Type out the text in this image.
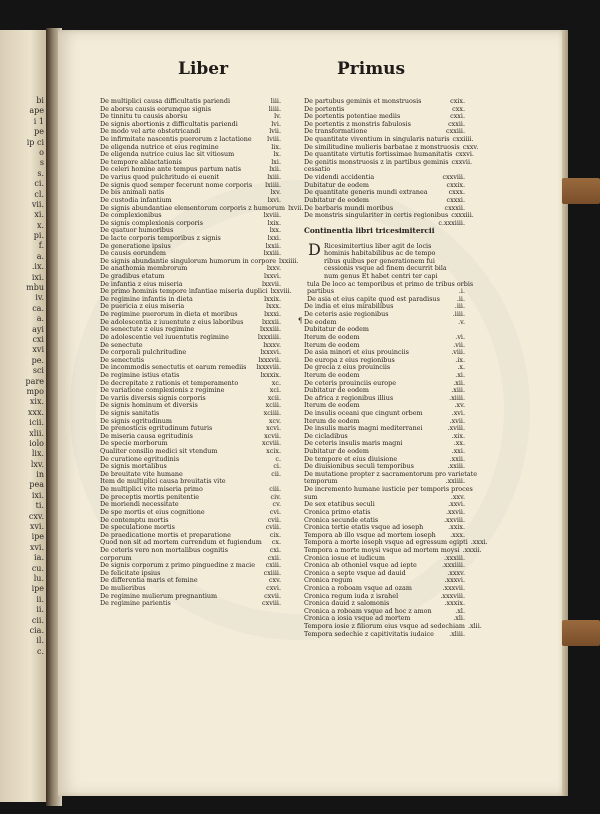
bi
ape
i 1
pe
ip ci
o
s
s.
ci.
cl.
vii.
xi.
x.
pi.
f.
a.
.ix.
ixi.
mbu
iv.
ca.
a.
ayi
cxi
xvi
pe.
sci
pare
mpo
xix.
xxx.
icii.
xlii.
iolo
lix.
lxv.
in
pea
ixi.
ti.
cxv.
xvi.
ipe
xvi.
ia.
cu.
lu.
ipe
ii.
ii.
cii.
cia.
il.
c.
Liber	Primus
De multiplici causa difficultatis pariendi	liii.
De aborsu causis eorumque signis	liiii.
De tinnitu tu causis aborsu	lv.
De signis abortionis z difficultatis pariendi	lvi.
De modo vel arte obstetricandi	lvii.
De infirmitate nascentis puerorum z lactatione	lviii.
De eligenda nutrice et eius regimine	lix.
De eligenda nutrice cuius lac sit vitiosum	lx.
De tempore ablactationis	lxi.
De celeri homine ante tempus partum natis	lxii.
De varius quod pulchritudo ei euenit	lxiii.
De signis quod semper fecerunt nome corporis	lxiiii.
De bis animali natis	lxv.
De custodia infantium	lxvi.
De signis abundantiae elementorum corporis z humorum lxvii.
De complexionibus	lxviii.
De signis complexionis corporis	lxix.
De quatuor humoribus	lxx.
De lacte corporis temporibus z signis	lxxi.
De generatione ipsius	lxxii.
De causis eorundem	lxxiii.
De signis abundantie singulorum humorum in corpore lxxiiii.
De anathomia membrorum	lxxv.
De gradibus etatum	lxxvi.
De infantia z eius miseria	lxxvii.
De primo hominis tempore infantiae miseria duplici lxxviii.
De regimine infantis in dieta	lxxix.
De puericia z eius miseria	lxxx.
De regimine puerorum in dieta et moribus	lxxxi.
De adolescentia z iuuentute z eius laboribus	lxxxii.
De senectute z eius regimine	lxxxiii.
De adolescentie vel iuuentutis regimine	lxxxiiii.
De senectute	lxxxv.
De corporali pulchritudine	lxxxvi.
De senectutis	lxxxvii.
De incommodis senectutis et earum remediis	lxxxviii.
De regimine istius etatis	lxxxix.
De decrepitate z rationis et temperamento	xc.
De variatione complexionis z regimine	xci.
De variis diversis signis corporis	xcii.
De signis hominum et diversis	xciii.
De signis sanitatis	xciiii.
De signis egritudinum	xcv.
De prenosticis egritudinum futuris	xcvi.
De miseria causa egritudinis	xcvii.
De specie morborum	xcviii.
Qualiter consilio medici sit vtendum	xcix.
De curatione egritudinis	c.
De signis mortalibus	ci.
De breuitate vite humane	cii.
Item de multiplici causa breuitatis vite
De multiplici vite miseria primo	ciii.
De preceptis mortis penitentie	civ.
De moriendi necessitate	cv.
De spe mortis et eius cognitione	cvi.
De contemptu mortis	cvii.
De speculatione mortis	cviii.
De praedicatione mortis et preparatione	cix.
Quod non sit ad mortem currendum et fugiendum	cx.
De ceteris vero non mortalibus cognitis	cxi.
corporum	cxii.
De signis corporum z primo pinguedine z macie	cxiii.
De felicitate ipsius	cxiiii.
De differentia maris et femine	cxv.
De mulieribus	cxvi.
De regimine mulierum pregnantium	cxvii.
De regimine parientis	cxviii.
De partubus geminis et monstruosis	cxix.
De portentis	cxx.
De portentis potentiae mediis	cxxi.
De portentis z monstris fabulosis	cxxii.
De transformatione	cxxiii.
De quantitate viventium in singularis naturis cxxiiii.
De similitudine mulieris barbatae z monstruosis cxxv.
De quantitate virtutis fortissimae humanitatis cxxvi.
De genitis monstruosis z in partibus geminis cxxvii.
cessatio
De videndi accidentia	cxxviii.
Dubitatur de eodem	cxxix.
De quantitate generis mundi extranea	cxxx.
Dubitatur de eodem	cxxxi.
De barbaris mundi moribus	cxxxii.
De monstris singulariter in certis regionibus cxxxiii.
c.xxxiiii.
Continentia libri tricesimitercii
Ricesimitertius liber agit de locis
hominis habitabilibus ac de tempo
ribus quibus per generationem fui
cessionis vsque ad finem decurrit bila
num genus Et habet centri ter capi
tula De loco ac temporibus et primo de tribus orbis
partibus	.i.
De asia et eius capite quod est paradisus	.ii.
De india et eius mirabilibus	.iii.
De ceteris asie regionibus	.iiii.
De eodem	.v.
Dubitatur de eodem
Iterum de eodem	.vi.
Iterum de eodem	.vii.
De asia minori et eius prouinciis	.viii.
De europa z eius regionibus	.ix.
De grecia z eius prouinciis	.x.
Iterum de eodem	.xi.
De ceteris prouinciis europe	.xii.
Dubitatur de eodem	.xiii.
De africa z regionibus illius	.xiiii.
Iterum de eodem	.xv.
De insulis oceani que cingunt orbem	.xvi.
Iterum de eodem	.xvii.
De insulis maris magni mediterranei	.xviii.
De cicladibus	.xix.
De ceteris insulis maris magni	.xx.
Dubitatur de eodem	.xxi.
De tempore et eius diuisione	.xxii.
De diuisionibus seculi temporibus	.xxiii.
De mutatione propter z sacramentorum pro varietate
temporum	.xxiiii.
De incremento humane iusticie per temporis proces
sum	.xxv.
De sex etatibus seculi	.xxvi.
Cronica primo etatis	.xxvii.
Cronica secunde etatis	.xxviii.
Cronica tertie etatis vsque ad ioseph	.xxix.
Tempora ab illo vsque ad mortem ioseph	.xxx.
Tempora a morte ioseph vsque ad egressum egipti .xxxi.
Tempora a morte moysi vsque ad mortem moysi .xxxii.
Cronica iosue et iudicum	.xxxiii.
Cronica ab othoniel vsque ad iepte	.xxxiiii.
Cronica a septe vsque ad dauid	.xxxv.
Cronica regum	.xxxvi.
Cronica a roboam vsque ad ozam	.xxxvii.
Cronica regum iuda z israhel	.xxxviii.
Cronica dauid z salomonis	.xxxix.
Cronica a roboam vsque ad hoc z amon	.xl.
Cronica a iosia vsque ad mortem	.xli.
Tempora iosie z filiorum eius vsque ad sedechiam .xlii.
Tempora sedechie z capitivitatis iudaice	.xliii.
D
¶
